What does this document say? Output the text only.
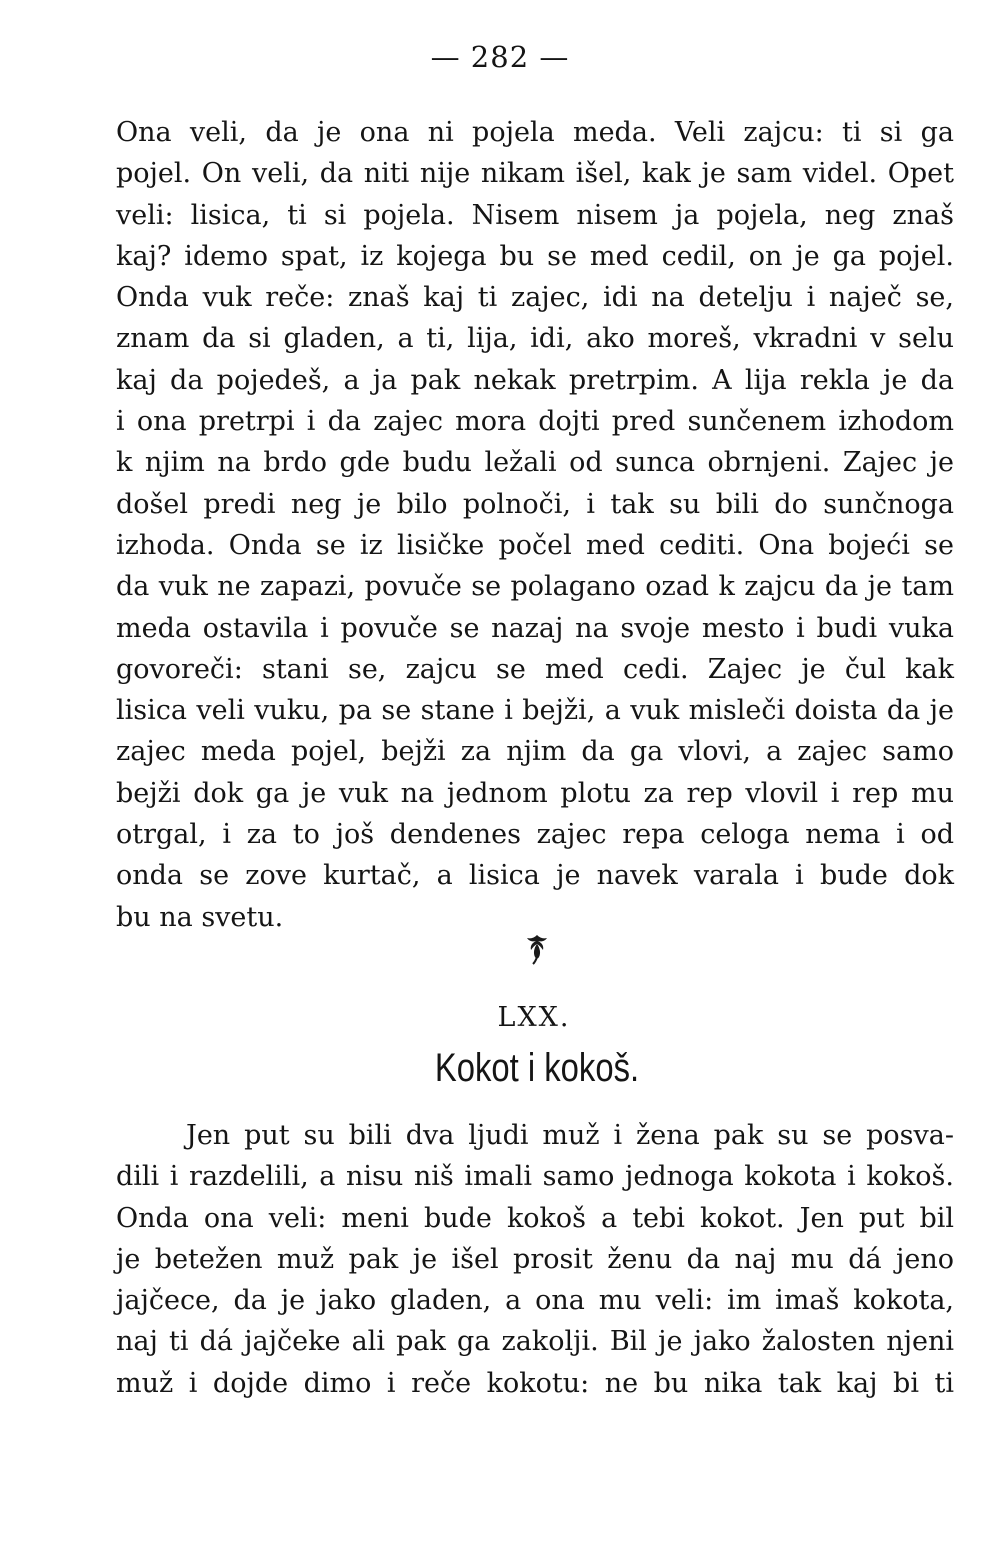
— 282 —
Ona veli, da je ona ni pojela meda. Veli zajcu: ti si ga
pojel. On veli, da niti nije nikam išel, kak je sam videl. Opet
veli: lisica, ti si pojela. Nisem nisem ja pojela, neg znaš
kaj? idemo spat, iz kojega bu se med cedil, on je ga pojel.
Onda vuk reče: znaš kaj ti zajec, idi na detelju i naječ se,
znam da si gladen, a ti, lija, idi, ako moreš, vkradni v selu
kaj da pojedeš, a ja pak nekak pretrpim. A lija rekla je da
i ona pretrpi i da zajec mora dojti pred sunčenem izhodom
k njim na brdo gde budu ležali od sunca obrnjeni. Zajec je
došel predi neg je bilo polnoči, i tak su bili do sunčnoga
izhoda. Onda se iz lisičke počel med cediti. Ona bojeći se
da vuk ne zapazi, povuče se polagano ozad k zajcu da je tam
meda ostavila i povuče se nazaj na svoje mesto i budi vuka
govoreči: stani se, zajcu se med cedi. Zajec je čul kak
lisica veli vuku, pa se stane i bejži, a vuk misleči doista da je
zajec meda pojel, bejži za njim da ga vlovi, a zajec samo
bejži dok ga je vuk na jednom plotu za rep vlovil i rep mu
otrgal, i za to još dendenes zajec repa celoga nema i od
onda se zove kurtač, a lisica je navek varala i bude dok
bu na svetu.
LXX.
Kokot i kokoš.
Jen put su bili dva ljudi muž i žena pak su se posva-
dili i razdelili, a nisu niš imali samo jednoga kokota i kokoš.
Onda ona veli: meni bude kokoš a tebi kokot. Jen put bil
je betežen muž pak je išel prosit ženu da naj mu dá jeno
jajčece, da je jako gladen, a ona mu veli: im imaš kokota,
naj ti dá jajčeke ali pak ga zakolji. Bil je jako žalosten njeni
muž i dojde dimo i reče kokotu: ne bu nika tak kaj bi ti
